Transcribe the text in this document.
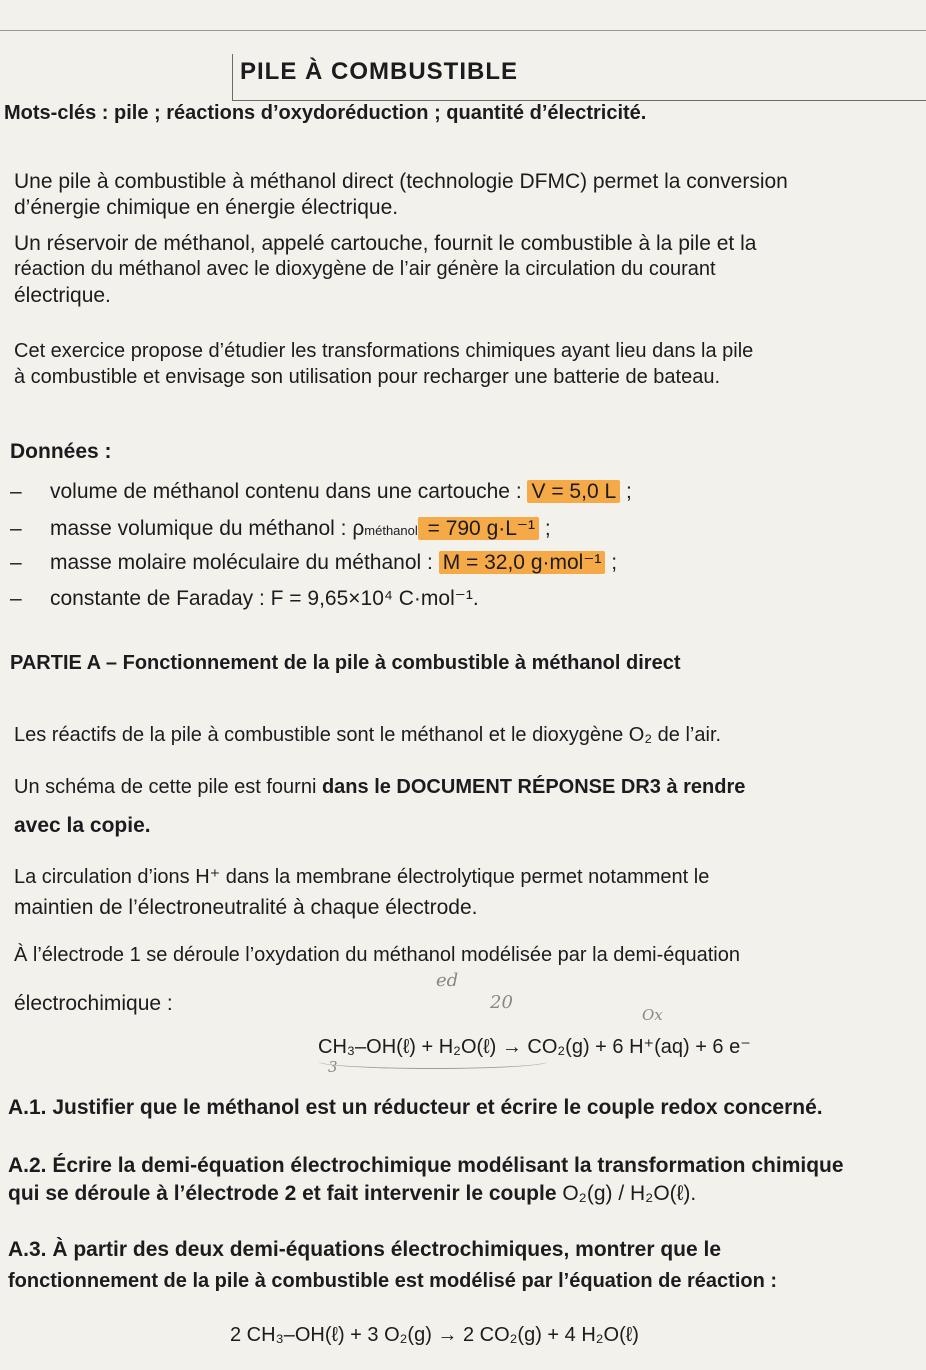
PILE À COMBUSTIBLE
Mots-clés : pile ; réactions d’oxydoréduction ; quantité d’électricité.
Une pile à combustible à méthanol direct (technologie DFMC) permet la conversion
d’énergie chimique en énergie électrique.
Un réservoir de méthanol, appelé cartouche, fournit le combustible à la pile et la
réaction du méthanol avec le dioxygène de l’air génère la circulation du courant
électrique.
Cet exercice propose d’étudier les transformations chimiques ayant lieu dans la pile
à combustible et envisage son utilisation pour recharger une batterie de bateau.
Données :
– volume de méthanol contenu dans une cartouche : V = 5,0 L ;
– masse volumique du méthanol : ρméthanol = 790 g·L⁻¹ ;
– masse molaire moléculaire du méthanol : M = 32,0 g·mol⁻¹ ;
– constante de Faraday : F = 9,65×10⁴ C·mol⁻¹.
PARTIE A – Fonctionnement de la pile à combustible à méthanol direct
Les réactifs de la pile à combustible sont le méthanol et le dioxygène O₂ de l’air.
Un schéma de cette pile est fourni dans le DOCUMENT RÉPONSE DR3 à rendre
avec la copie.
La circulation d’ions H⁺ dans la membrane électrolytique permet notamment le
maintien de l’électroneutralité à chaque électrode.
À l’électrode 1 se déroule l’oxydation du méthanol modélisée par la demi-équation
électrochimique :
ed
20
Ox
3
CH₃–OH(ℓ) + H₂O(ℓ) → CO₂(g) + 6 H⁺(aq) + 6 e⁻
A.1. Justifier que le méthanol est un réducteur et écrire le couple redox concerné.
A.2. Écrire la demi-équation électrochimique modélisant la transformation chimique
qui se déroule à l’électrode 2 et fait intervenir le couple O₂(g) / H₂O(ℓ).
A.3. À partir des deux demi-équations électrochimiques, montrer que le
fonctionnement de la pile à combustible est modélisé par l’équation de réaction :
2 CH₃–OH(ℓ) + 3 O₂(g) → 2 CO₂(g) + 4 H₂O(ℓ)
